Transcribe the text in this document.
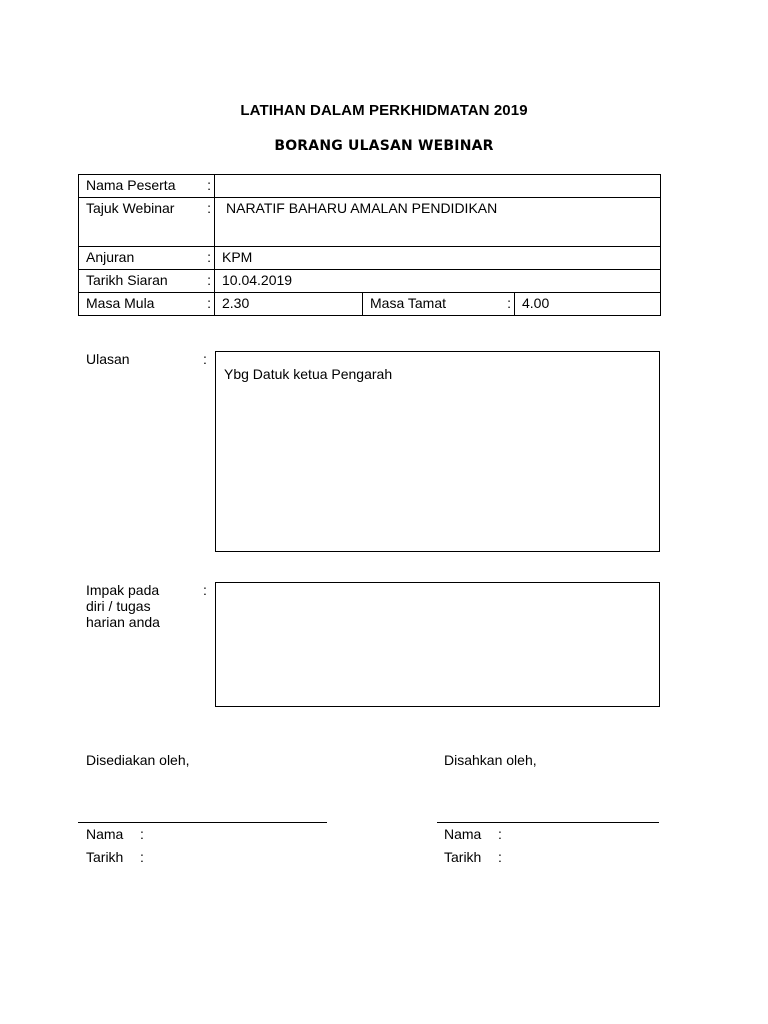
LATIHAN DALAM PERKHIDMATAN 2019
BORANG ULASAN WEBINAR
Nama Peserta	:				
Tajuk Webinar	:	NARATIF BAHARU AMALAN PENDIDIKAN			
Anjuran	:	KPM			
Tarikh Siaran	:	10.04.2019			
Masa Mula	:	2.30	Masa Tamat	:	4.00
Ulasan	:
Ybg Datuk ketua Pengarah
Impak pada
diri / tugas
harian anda
:
Disediakan oleh,	Disahkan oleh,
Nama :
Tarikh :
Nama :
Tarikh :
